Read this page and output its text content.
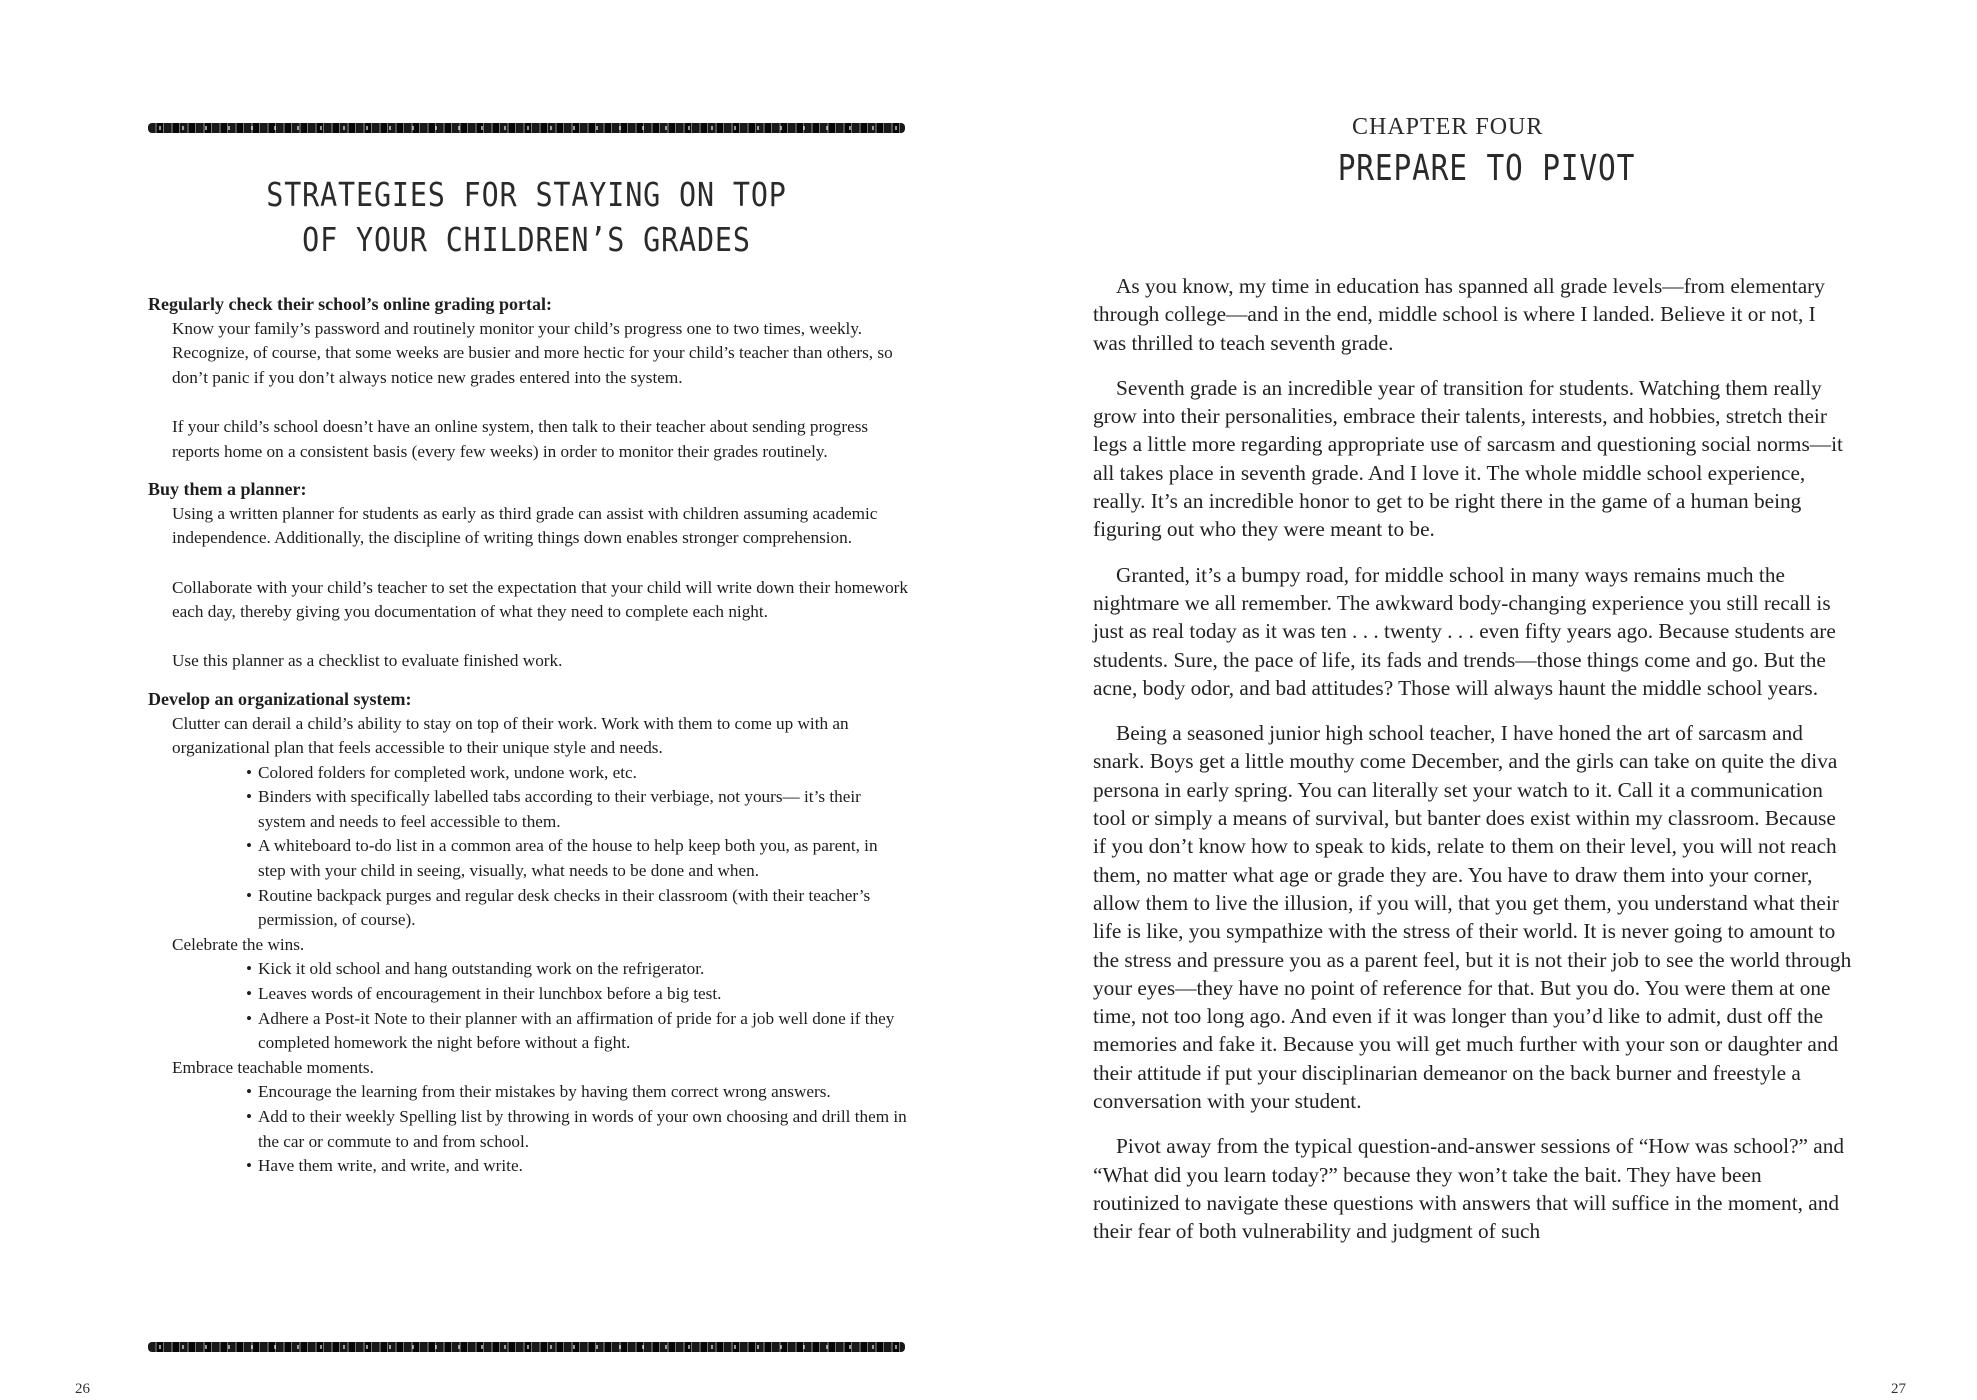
STRATEGIES FOR STAYING ON TOP
OF YOUR CHILDREN’S GRADES

Regularly check their school’s online grading portal:

Know your family’s password and routinely monitor your child’s progress one to two times, weekly. Recognize, of course, that some weeks are busier and more hectic for your child’s teacher than others, so don’t panic if you don’t always notice new grades entered into the system.

If your child’s school doesn’t have an online system, then talk to their teacher about sending progress reports home on a consistent basis (every few weeks) in order to monitor their grades routinely.

Buy them a planner:

Using a written planner for students as early as third grade can assist with children assuming academic independence. Additionally, the discipline of writing things down enables stronger comprehension.

Collaborate with your child’s teacher to set the expectation that your child will write down their homework each day, thereby giving you documentation of what they need to complete each night.

Use this planner as a checklist to evaluate finished work.

Develop an organizational system:

Clutter can derail a child’s ability to stay on top of their work. Work with them to come up with an organizational plan that feels accessible to their unique style and needs.

• Colored folders for completed work, undone work, etc.
• Binders with specifically labelled tabs according to their verbiage, not yours— it’s their system and needs to feel accessible to them.
• A whiteboard to-do list in a common area of the house to help keep both you, as parent, in step with your child in seeing, visually, what needs to be done and when.
• Routine backpack purges and regular desk checks in their classroom (with their teacher’s permission, of course).

Celebrate the wins.

• Kick it old school and hang outstanding work on the refrigerator.
• Leaves words of encouragement in their lunchbox before a big test.
• Adhere a Post-it Note to their planner with an affirmation of pride for a job well done if they completed homework the night before without a fight.

Embrace teachable moments.

• Encourage the learning from their mistakes by having them correct wrong answers.
• Add to their weekly Spelling list by throwing in words of your own choosing and drill them in the car or commute to and from school.
• Have them write, and write, and write.
26
CHAPTER FOUR
PREPARE TO PIVOT

As you know, my time in education has spanned all grade levels—from elementary through college—and in the end, middle school is where I landed. Believe it or not, I was thrilled to teach seventh grade.

Seventh grade is an incredible year of transition for students. Watching them really grow into their personalities, embrace their talents, interests, and hobbies, stretch their legs a little more regarding appropriate use of sarcasm and questioning social norms—it all takes place in seventh grade. And I love it. The whole middle school experience, really. It’s an incredible honor to get to be right there in the game of a human being figuring out who they were meant to be.

Granted, it’s a bumpy road, for middle school in many ways remains much the nightmare we all remember. The awkward body-changing experience you still recall is just as real today as it was ten . . . twenty . . . even fifty years ago. Because students are students. Sure, the pace of life, its fads and trends—those things come and go. But the acne, body odor, and bad attitudes? Those will always haunt the middle school years.

Being a seasoned junior high school teacher, I have honed the art of sarcasm and snark. Boys get a little mouthy come December, and the girls can take on quite the diva persona in early spring. You can literally set your watch to it. Call it a communication tool or simply a means of survival, but banter does exist within my classroom. Because if you don’t know how to speak to kids, relate to them on their level, you will not reach them, no matter what age or grade they are. You have to draw them into your corner, allow them to live the illusion, if you will, that you get them, you understand what their life is like, you sympathize with the stress of their world. It is never going to amount to the stress and pressure you as a parent feel, but it is not their job to see the world through your eyes—they have no point of reference for that. But you do. You were them at one time, not too long ago. And even if it was longer than you’d like to admit, dust off the memories and fake it. Because you will get much further with your son or daughter and their attitude if put your disciplinarian demeanor on the back burner and freestyle a conversation with your student.

Pivot away from the typical question-and-answer sessions of “How was school?” and “What did you learn today?” because they won’t take the bait. They have been routinized to navigate these questions with answers that will suffice in the moment, and their fear of both vulnerability and judgment of such

27
